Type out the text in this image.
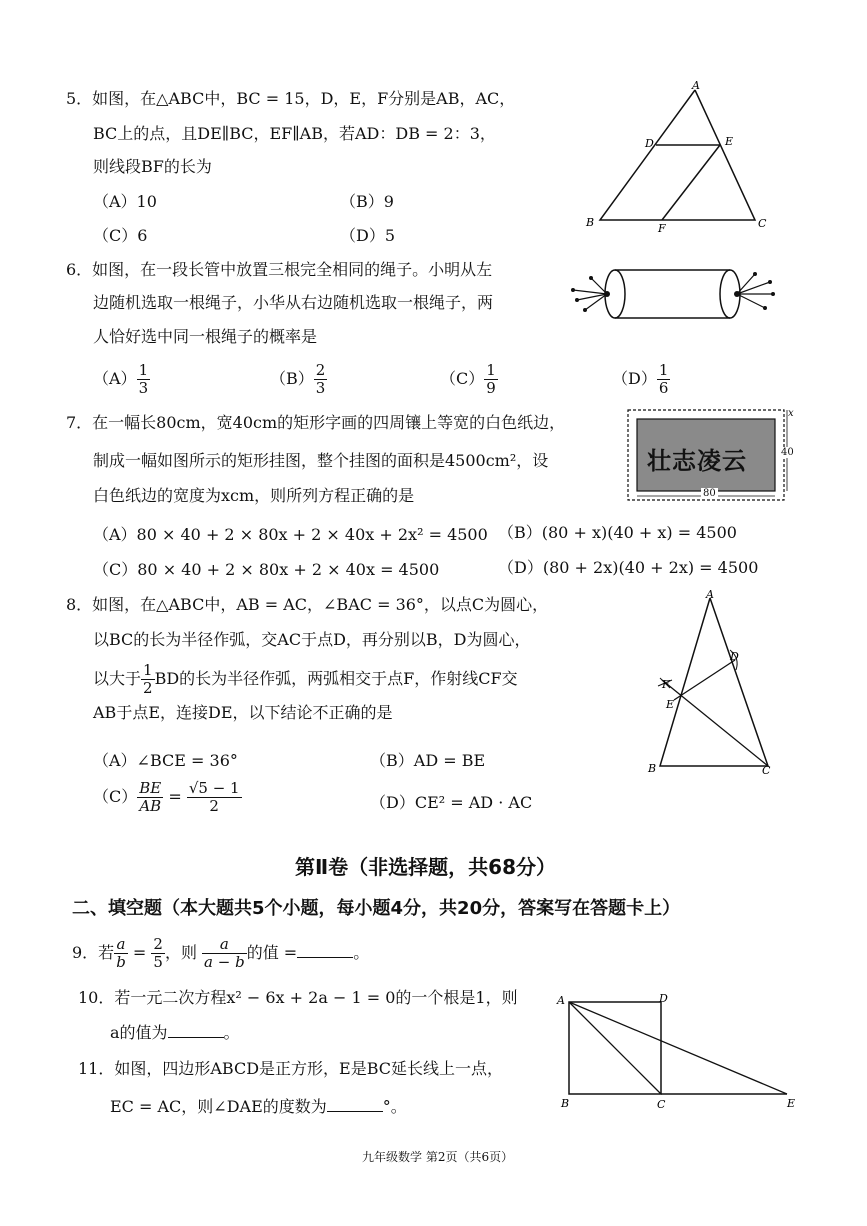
5．如图，在△ABC中，BC = 15，D，E，F分别是AB，AC，
BC上的点，且DE∥BC，EF∥AB，若AD：DB = 2：3，
则线段BF的长为
（A）10	（B）9
（C）6	（D）5
A
D	E
B	F	C
6．如图，在一段长管中放置三根完全相同的绳子。小明从左
边随机选取一根绳子，小华从右边随机选取一根绳子，两
人恰好选中同一根绳子的概率是
$(A) \frac{1}{3}$	$(B) \frac{2}{3}$	$(C) \frac{1}{9}$	$(D) \frac{1}{6}$
7．在一幅长80cm，宽40cm的矩形字画的四周镶上等宽的白色纸边，
制成一幅如图所示的矩形挂图，整个挂图的面积是4500cm²，设
白色纸边的宽度为xcm，则所列方程正确的是
（A）80 × 40 + 2 × 80x + 2 × 40x + 2x² = 4500 （B）(80 + x)(40 + x) = 4500
（C）80 × 40 + 2 × 80x + 2 × 40x = 4500	（D）(80 + 2x)(40 + 2x) = 4500
壮志凌云
80
40
x
8．如图，在△ABC中，AB = AC，∠BAC = 36°，以点C为圆心，
以BC的长为半径作弧，交AC于点D，再分别以B，D为圆心，
以大于 $\frac{1}{2}$ BD的长为半径作弧，两弧相交于点F，作射线CF交
AB于点E，连接DE，以下结论不正确的是
（A）∠BCE = 36°	（B）AD = BE
$(C) \frac{BE}{AB} = \frac{√5 - 1}{2}$	（D）CE² = AD · AC
A
D
F
E
B	C
第Ⅱ卷（非选择题，共68分）
二、填空题（本大题共5个小题，每小题4分，共20分，答案写在答题卡上）
9．若 $\frac{a}{b} = \frac{2}{5}$ ，则 $\frac{a}{a - b}$ 的值 =	。
10．若一元二次方程x² − 6x + 2a − 1 = 0的一个根是1，则
a的值为	。
11．如图，四边形ABCD是正方形，E是BC延长线上一点，
EC = AC，则∠DAE的度数为	°。
A	D
B	C	E
九年级数学 第2页（共6页）
